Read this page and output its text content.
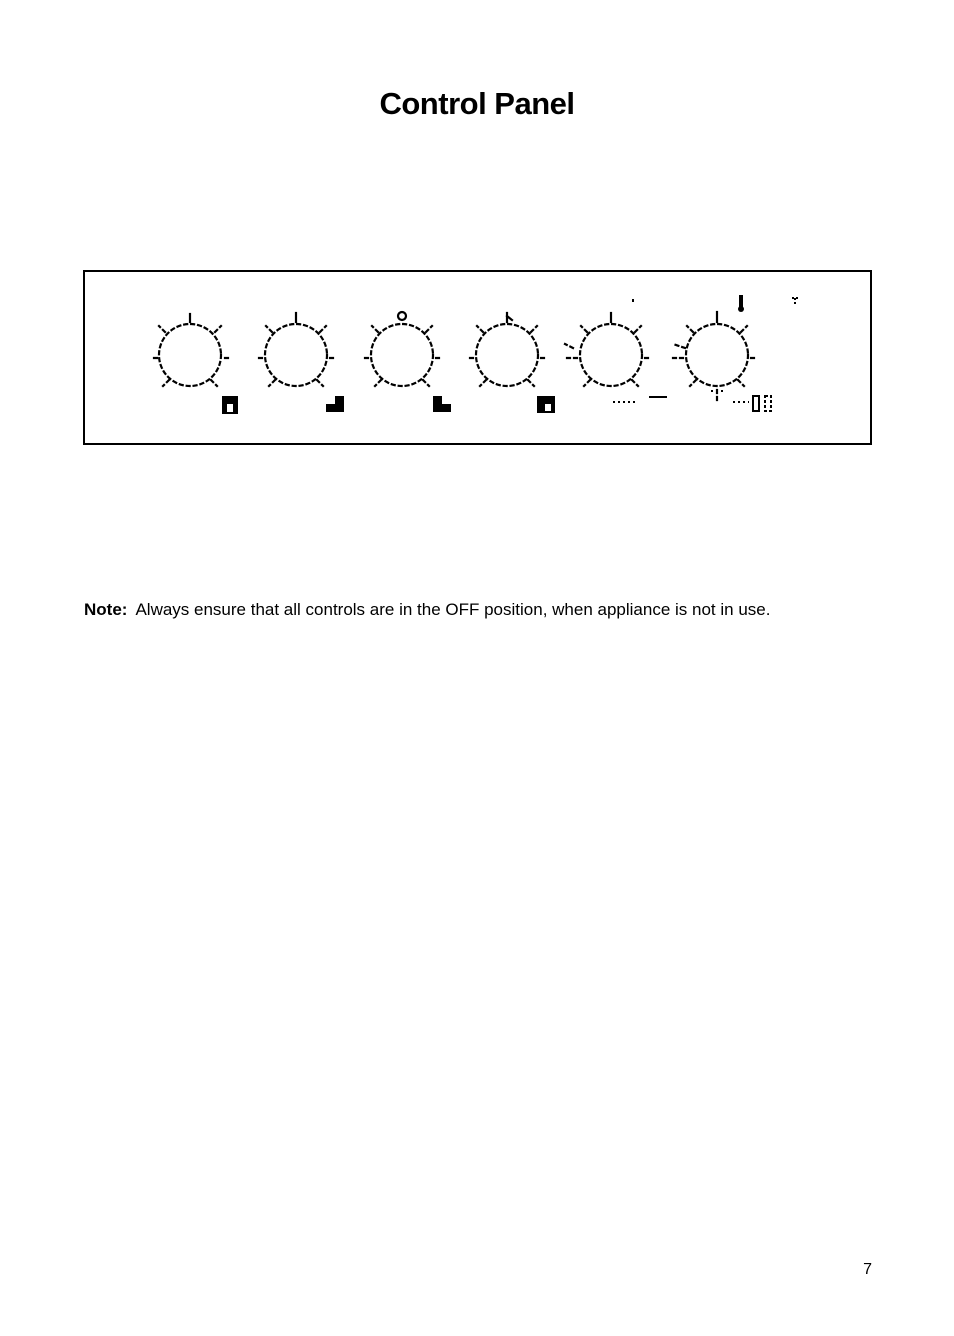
Control Panel
Note: Always ensure that all controls are in the OFF position, when appliance is not in use.
7
